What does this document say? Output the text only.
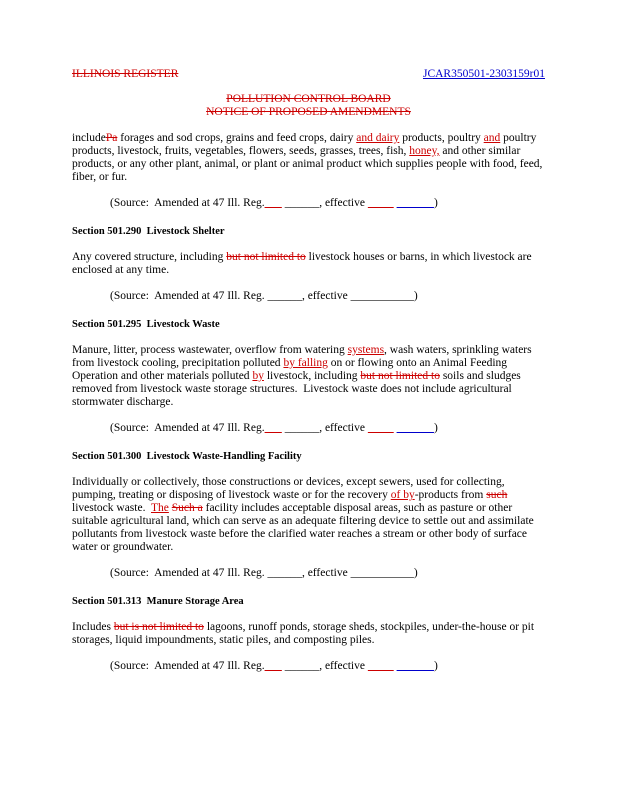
ILLINOIS REGISTER	JCAR350501-2303159r01
POLLUTION CONTROL BOARD
NOTICE OF PROPOSED AMENDMENTS

includePa forages and sod crops, grains and feed crops, dairy and dairy products, poultry and poultry products, livestock, fruits, vegetables, flowers, seeds, grasses, trees, fish, honey, and other similar products, or any other plant, animal, or plant or animal product which supplies people with food, feed, fiber, or fur.

(Source:  Amended at 47 Ill. Reg.       ______, effective	)

Section 501.290  Livestock Shelter

Any covered structure, including but not limited to livestock houses or barns, in which livestock are enclosed at any time.

(Source:  Amended at 47 Ill. Reg. ______, effective ___________)

Section 501.295  Livestock Waste

Manure, litter, process wastewater, overflow from watering systems, wash waters, sprinkling waters from livestock cooling, precipitation polluted by falling on or flowing onto an Animal Feeding Operation and other materials polluted by livestock, including but not limited to soils and sludges removed from livestock waste storage structures.  Livestock waste does not include agricultural stormwater discharge.

(Source:  Amended at 47 Ill. Reg.       ______, effective	)

Section 501.300  Livestock Waste-Handling Facility

Individually or collectively, those constructions or devices, except sewers, used for collecting, pumping, treating or disposing of livestock waste or for the recovery of by-products from such livestock waste.  The Such a facility includes acceptable disposal areas, such as pasture or other suitable agricultural land, which can serve as an adequate filtering device to settle out and assimilate pollutants from livestock waste before the clarified water reaches a stream or other body of surface water or groundwater.

(Source:  Amended at 47 Ill. Reg. ______, effective ___________)

Section 501.313  Manure Storage Area

Includes but is not limited to lagoons, runoff ponds, storage sheds, stockpiles, under-the-house or pit storages, liquid impoundments, static piles, and composting piles.

(Source:  Amended at 47 Ill. Reg.       ______, effective	)
